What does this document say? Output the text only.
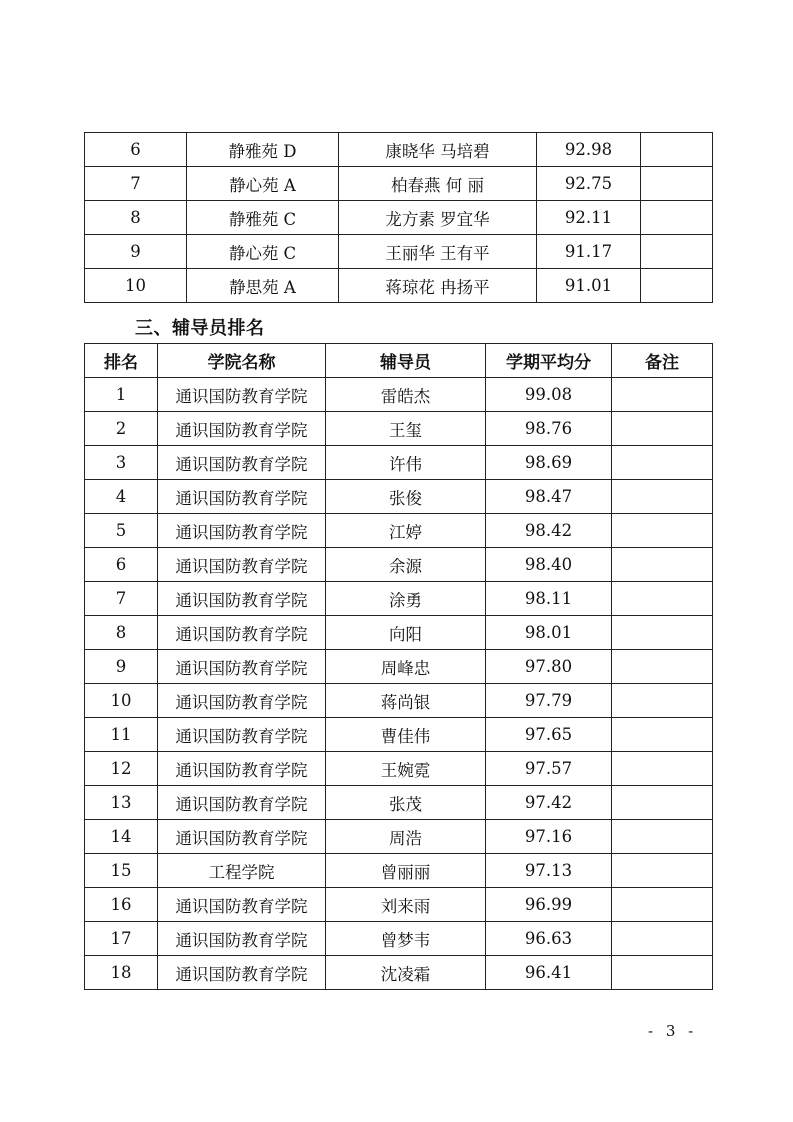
6	静雅苑 D	康晓华 马培碧	92.98	
7	静心苑 A	柏春燕 何 丽	92.75	
8	静雅苑 C	龙方素 罗宜华	92.11	
9	静心苑 C	王丽华 王有平	91.17	
10	静思苑 A	蒋琼花 冉扬平	91.01	
三、辅导员排名
排名	学院名称	辅导员	学期平均分	备注
1	通识国防教育学院	雷皓杰	99.08	
2	通识国防教育学院	王玺	98.76	
3	通识国防教育学院	许伟	98.69	
4	通识国防教育学院	张俊	98.47	
5	通识国防教育学院	江婷	98.42	
6	通识国防教育学院	余源	98.40	
7	通识国防教育学院	涂勇	98.11	
8	通识国防教育学院	向阳	98.01	
9	通识国防教育学院	周峰忠	97.80	
10	通识国防教育学院	蒋尚银	97.79	
11	通识国防教育学院	曹佳伟	97.65	
12	通识国防教育学院	王婉霓	97.57	
13	通识国防教育学院	张茂	97.42	
14	通识国防教育学院	周浩	97.16	
15	工程学院	曾丽丽	97.13	
16	通识国防教育学院	刘来雨	96.99	
17	通识国防教育学院	曾梦韦	96.63	
18	通识国防教育学院	沈凌霜	96.41	
- 3 -
